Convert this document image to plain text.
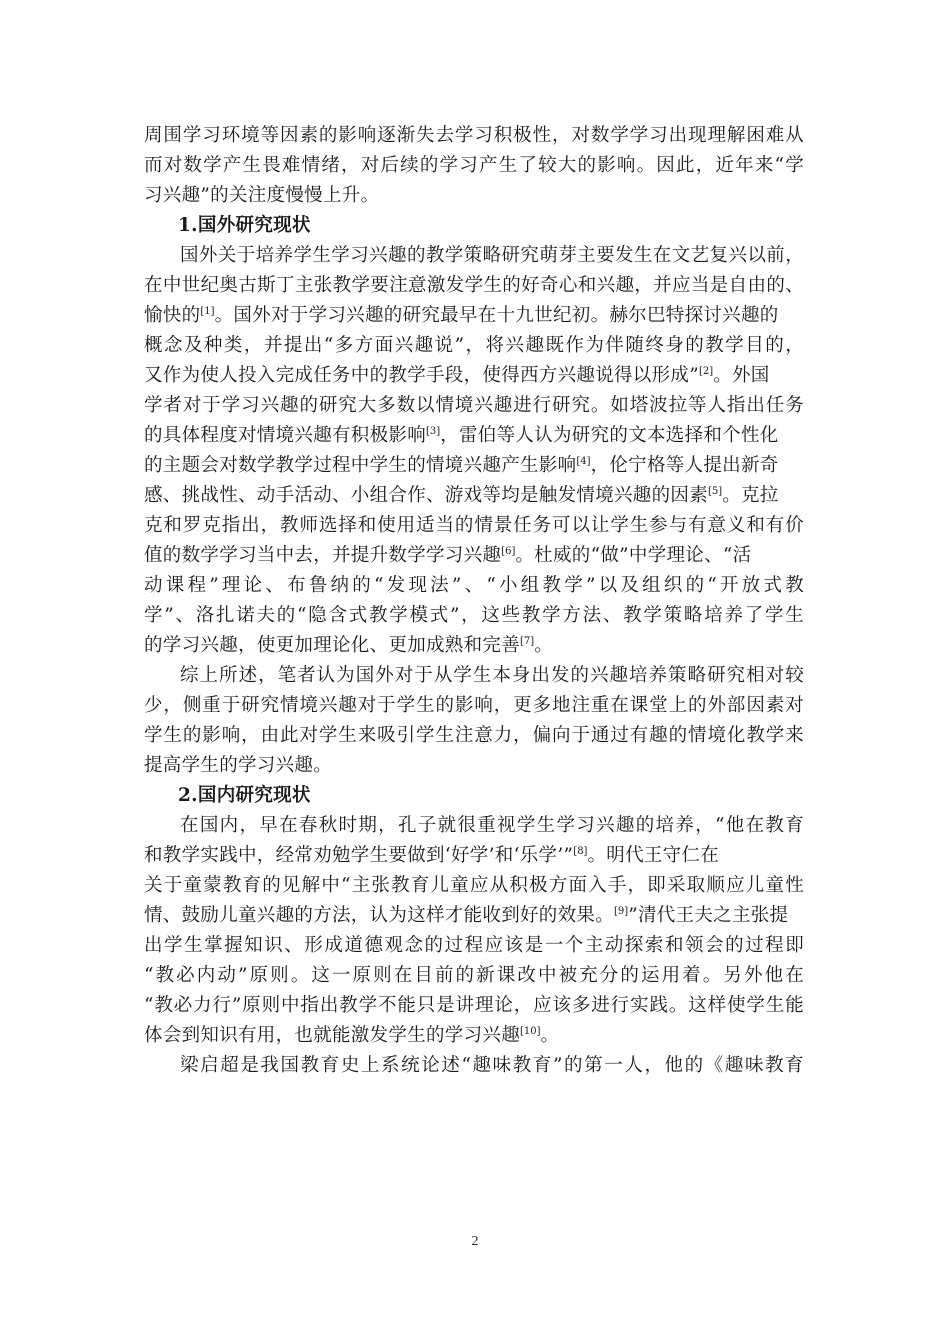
周围学习环境等因素的影响逐渐失去学习积极性，对数学学习出现理解困难从
而对数学产生畏难情绪，对后续的学习产生了较大的影响。因此，近年来“学
习兴趣”的关注度慢慢上升。
1.国外研究现状
国外关于培养学生学习兴趣的教学策略研究萌芽主要发生在文艺复兴以前，
在中世纪奥古斯丁主张教学要注意激发学生的好奇心和兴趣，并应当是自由的、
愉快的[1]。国外对于学习兴趣的研究最早在十九世纪初。赫尔巴特探讨兴趣的
概念及种类，并提出“多方面兴趣说”，将兴趣既作为伴随终身的教学目的，
又作为使人投入完成任务中的教学手段，使得西方兴趣说得以形成”[2]。外国
学者对于学习兴趣的研究大多数以情境兴趣进行研究。如塔波拉等人指出任务
的具体程度对情境兴趣有积极影响[3]，雷伯等人认为研究的文本选择和个性化
的主题会对数学教学过程中学生的情境兴趣产生影响[4]，伦宁格等人提出新奇
感、挑战性、动手活动、小组合作、游戏等均是触发情境兴趣的因素[5]。克拉
克和罗克指出，教师选择和使用适当的情景任务可以让学生参与有意义和有价
值的数学学习当中去，并提升数学学习兴趣[6]。杜威的“做”中学理论、“活
动课程”理论、布鲁纳的“发现法”、“小组教学”以及组织的“开放式教
学”、洛扎诺夫的“隐含式教学模式”，这些教学方法、教学策略培养了学生
的学习兴趣，使更加理论化、更加成熟和完善[7]。
综上所述，笔者认为国外对于从学生本身出发的兴趣培养策略研究相对较
少，侧重于研究情境兴趣对于学生的影响，更多地注重在课堂上的外部因素对
学生的影响，由此对学生来吸引学生注意力，偏向于通过有趣的情境化教学来
提高学生的学习兴趣。
2.国内研究现状
在国内，早在春秋时期，孔子就很重视学生学习兴趣的培养，“他在教育
和教学实践中，经常劝勉学生要做到‘好学’和‘乐学’”[8]。明代王守仁在
关于童蒙教育的见解中“主张教育儿童应从积极方面入手，即采取顺应儿童性
情、鼓励儿童兴趣的方法，认为这样才能收到好的效果。[9]”清代王夫之主张提
出学生掌握知识、形成道德观念的过程应该是一个主动探索和领会的过程即
“教必内动”原则。这一原则在目前的新课改中被充分的运用着。另外他在
“教必力行”原则中指出教学不能只是讲理论，应该多进行实践。这样使学生能
体会到知识有用，也就能激发学生的学习兴趣[10]。
梁启超是我国教育史上系统论述“趣味教育”的第一人，他的《趣味教育
2
